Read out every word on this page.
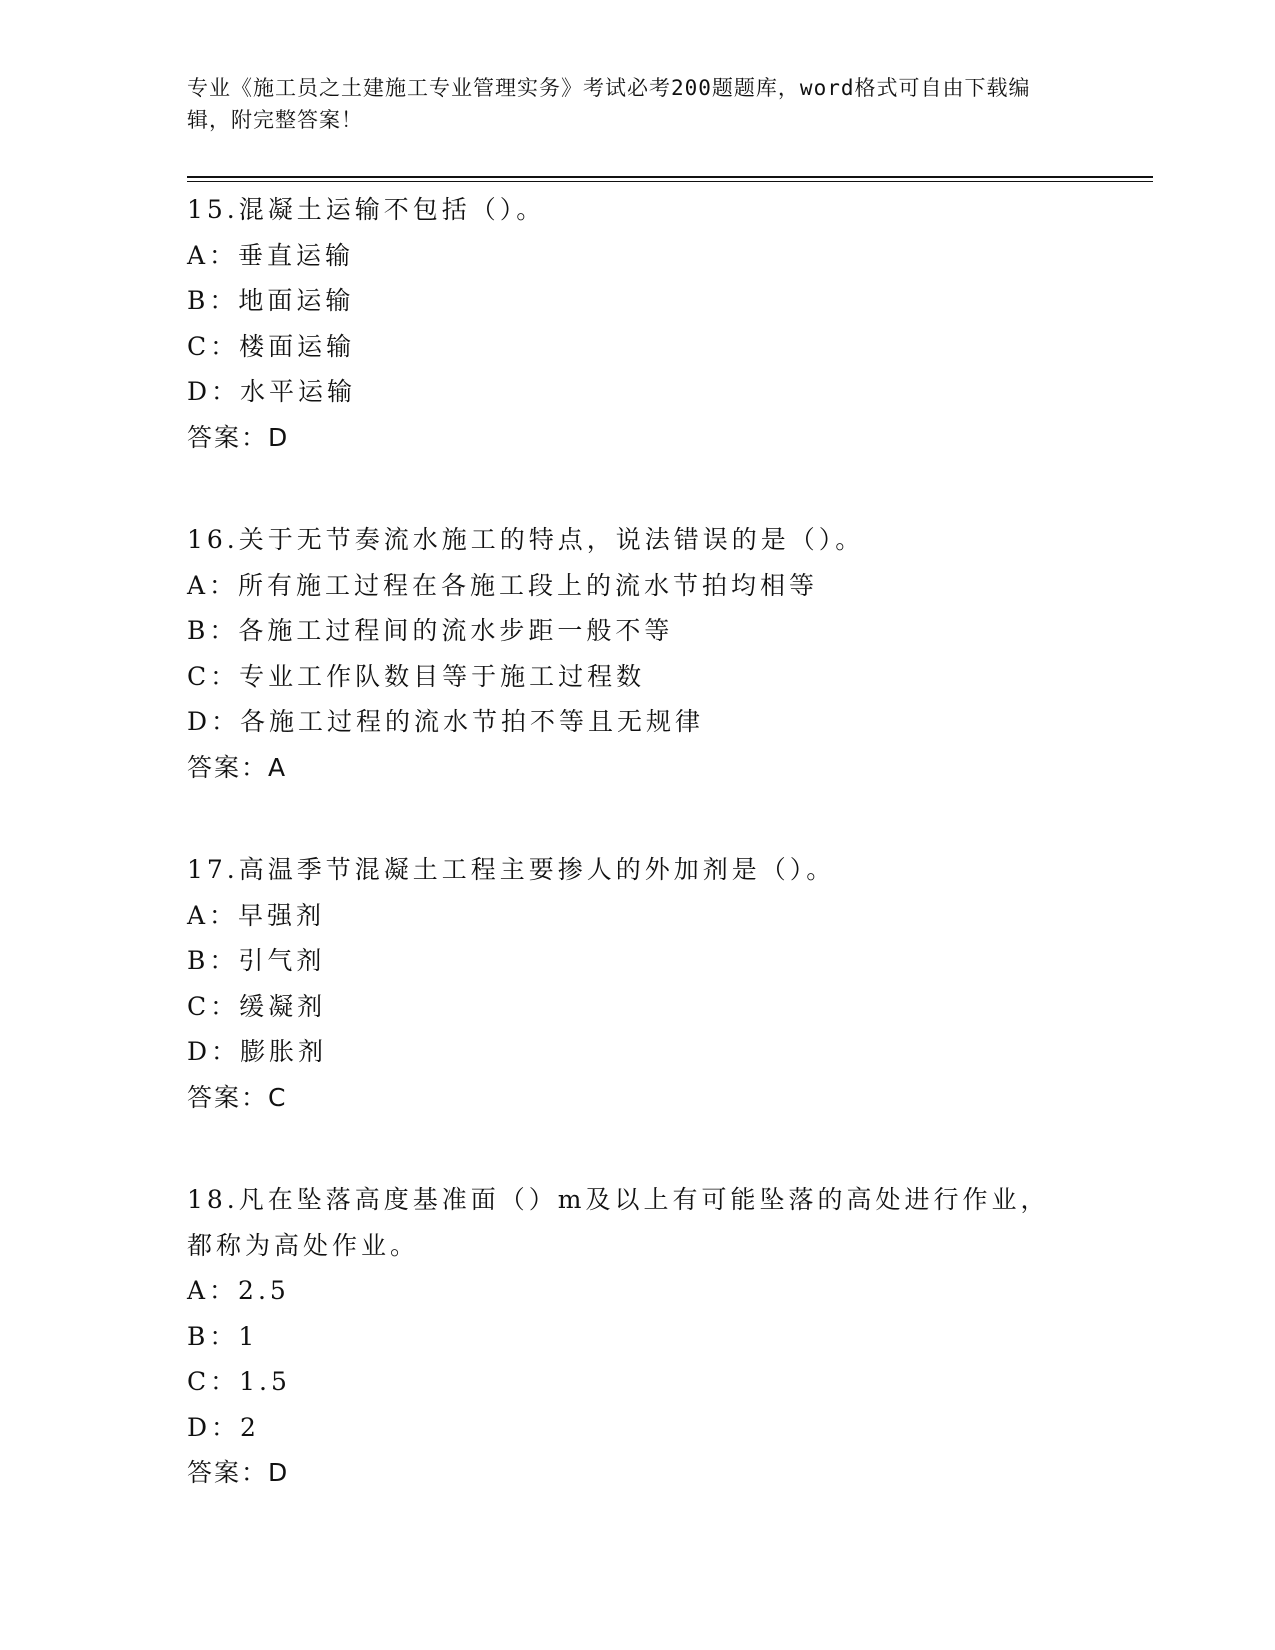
专业《施工员之土建施工专业管理实务》考试必考200题题库，word格式可自由下载编辑，附完整答案！
15.混凝土运输不包括（）。
A：垂直运输
B：地面运输
C：楼面运输
D：水平运输
答案：D
16.关于无节奏流水施工的特点，说法错误的是（）。
A：所有施工过程在各施工段上的流水节拍均相等
B：各施工过程间的流水步距一般不等
C：专业工作队数目等于施工过程数
D：各施工过程的流水节拍不等且无规律
答案：A
17.高温季节混凝土工程主要掺人的外加剂是（）。
A：早强剂
B：引气剂
C：缓凝剂
D：膨胀剂
答案：C
18.凡在坠落高度基准面（）m及以上有可能坠落的高处进行作业，都称为高处作业。
A：2.5
B：1
C：1.5
D：2
答案：D
